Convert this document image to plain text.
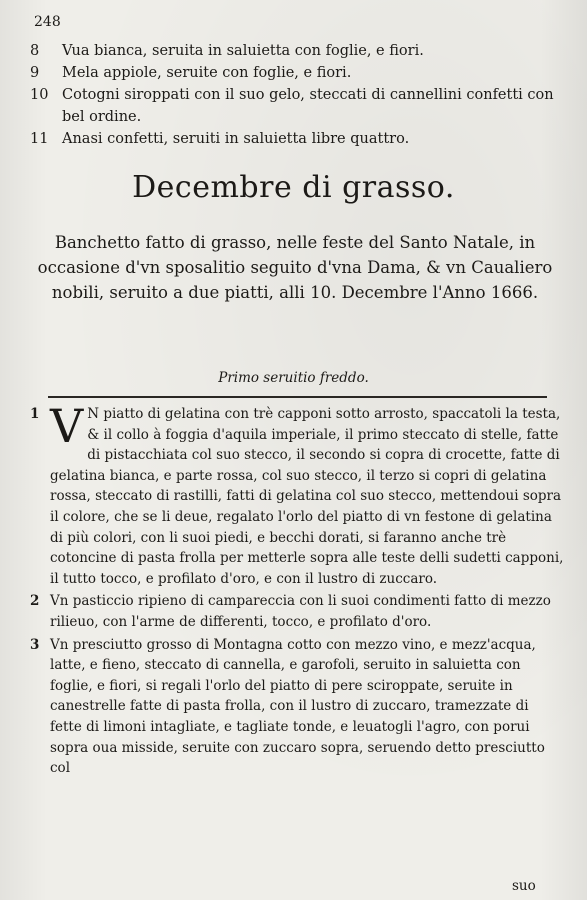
248
8	Vua bianca, seruita in saluietta con foglie, e fiori.
9	Mela appiole, seruite con foglie, e fiori.
10 Cotogni siroppati con il suo gelo, steccati di cannellini confetti con bel ordine.
11 Anasi confetti, seruiti in saluietta libre quattro.
Decembre di grasso.
Banchetto fatto di grasso, nelle feste del Santo Natale, in occasione d'vn sposalitio seguito d'vna Dama, & vn Caualiero nobili, seruito a due piatti, alli 10. Decembre l'Anno 1666.
Primo seruitio freddo.
1 V N piatto di gelatina con trè capponi sotto arrosto, spaccatoli la testa, & il collo à foggia d'aquila imperiale, il primo steccato di stelle, fatte di pistacchiata col suo stecco, il secondo si copra di crocette, fatte di gelatina bianca, e parte rossa, col suo stecco, il terzo si copri di gelatina rossa, steccato di rastilli, fatti di gelatina col suo stecco, mettendoui sopra il colore, che se li deue, regalato l'orlo del piatto di vn festone di gelatina di più colori, con li suoi piedi, e becchi dorati, si faranno anche trè cotoncine di pasta frolla per metterle sopra alle teste delli sudetti capponi, il tutto tocco, e profilato d'oro, e con il lustro di zuccaro.
2 Vn pasticcio ripieno di campareccia con li suoi condimenti fatto di mezzo rilieuo, con l'arme de differenti, tocco, e profilato d'oro.
3 Vn presciutto grosso di Montagna cotto con mezzo vino, e mezz'acqua, latte, e fieno, steccato di cannella, e garofoli, seruito in saluietta con foglie, e fiori, si regali l'orlo del piatto di pere sciroppate, seruite in canestrelle fatte di pasta frolla, con il lustro di zuccaro, tramezzate di fette di limoni intagliate, e tagliate tonde, e leuatogli l'agro, con porui sopra oua misside, seruite con zuccaro sopra, seruendo detto presciutto col
suo
